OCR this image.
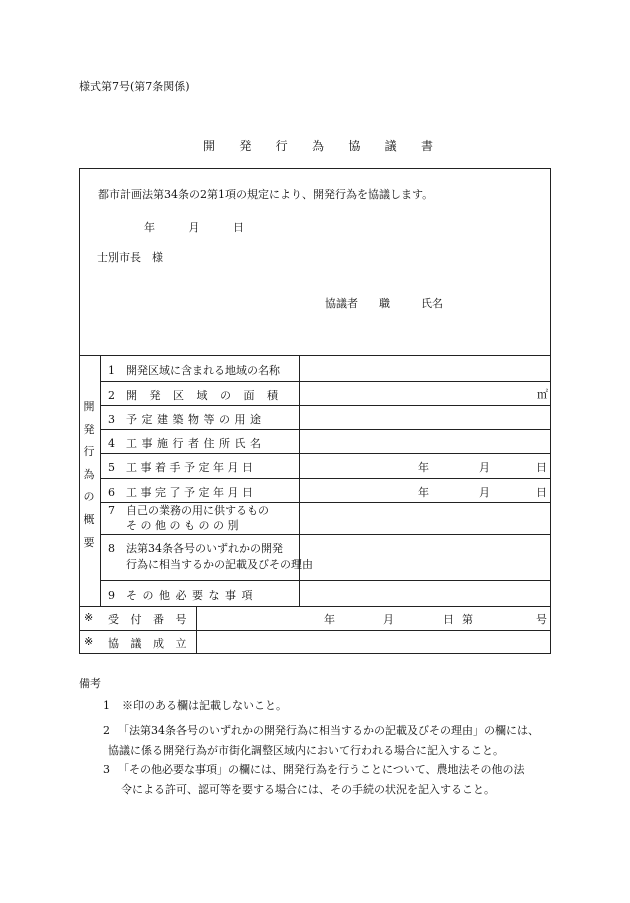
様式第7号(第7条関係)
開 発 行 為 協 議 書
都市計画法第34条の2第1項の規定により、開発行為を協議します。
年	月	日
士別市長　様
協議者 職	氏名
開
発
行
為
の
概
要
1 開発区域に含まれる地域の名称
2 開 発 区 域 の 面 積	㎡
3 予 定 建 築 物 等 の 用 途
4 工 事 施 行 者 住 所 氏 名
5 工 事 着 手 予 定 年 月 日	年	月	日
6 工 事 完 了 予 定 年 月 日	年	月	日
7 自己の業務の用に供するもの
そ の 他 の も の の 別
8 法第34条各号のいずれかの開発
行為に相当するかの記載及びその理由
9 そ の 他 必 要 な 事 項
※ 受 付 番 号	年	月	日 第	号
※ 協 議 成 立
備考
1 ※印のある欄は記載しないこと。
2 「法第34条各号のいずれかの開発行為に相当するかの記載及びその理由」の欄には、
協議に係る開発行為が市街化調整区域内において行われる場合に記入すること。
3 「その他必要な事項」の欄には、開発行為を行うことについて、農地法その他の法
令による許可、認可等を要する場合には、その手続の状況を記入すること。
